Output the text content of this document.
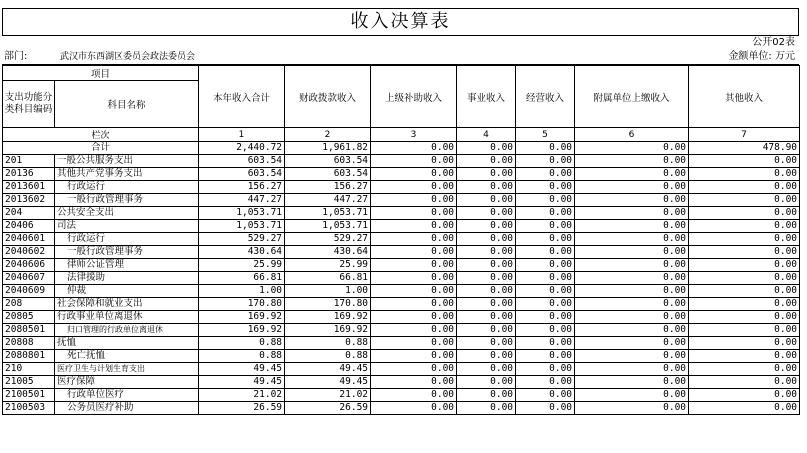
收入决算表
公开02表
部门:	武汉市东西湖区委员会政法委员会	金额单位: 万元
项目		本年收入合计	财政拨款收入	上级补助收入	事业收入	经营收入	附属单位上缴收入	其他收入
支出功能分类科目编码	科目名称							
栏次		1	2	3	4	5	6	7
合计		2,440.72	1,961.82	0.00	0.00	0.00	0.00	478.90
201	一般公共服务支出	603.54	603.54	0.00	0.00	0.00	0.00	0.00
20136	其他共产党事务支出	603.54	603.54	0.00	0.00	0.00	0.00	0.00
2013601	行政运行	156.27	156.27	0.00	0.00	0.00	0.00	0.00
2013602	一般行政管理事务	447.27	447.27	0.00	0.00	0.00	0.00	0.00
204	公共安全支出	1,053.71	1,053.71	0.00	0.00	0.00	0.00	0.00
20406	司法	1,053.71	1,053.71	0.00	0.00	0.00	0.00	0.00
2040601	行政运行	529.27	529.27	0.00	0.00	0.00	0.00	0.00
2040602	一般行政管理事务	430.64	430.64	0.00	0.00	0.00	0.00	0.00
2040606	律师公证管理	25.99	25.99	0.00	0.00	0.00	0.00	0.00
2040607	法律援助	66.81	66.81	0.00	0.00	0.00	0.00	0.00
2040609	仲裁	1.00	1.00	0.00	0.00	0.00	0.00	0.00
208	社会保障和就业支出	170.80	170.80	0.00	0.00	0.00	0.00	0.00
20805	行政事业单位离退休	169.92	169.92	0.00	0.00	0.00	0.00	0.00
2080501	归口管理的行政单位离退休	169.92	169.92	0.00	0.00	0.00	0.00	0.00
20808	抚恤	0.88	0.88	0.00	0.00	0.00	0.00	0.00
2080801	死亡抚恤	0.88	0.88	0.00	0.00	0.00	0.00	0.00
210	医疗卫生与计划生育支出	49.45	49.45	0.00	0.00	0.00	0.00	0.00
21005	医疗保障	49.45	49.45	0.00	0.00	0.00	0.00	0.00
2100501	行政单位医疗	21.02	21.02	0.00	0.00	0.00	0.00	0.00
2100503	公务员医疗补助	26.59	26.59	0.00	0.00	0.00	0.00	0.00
